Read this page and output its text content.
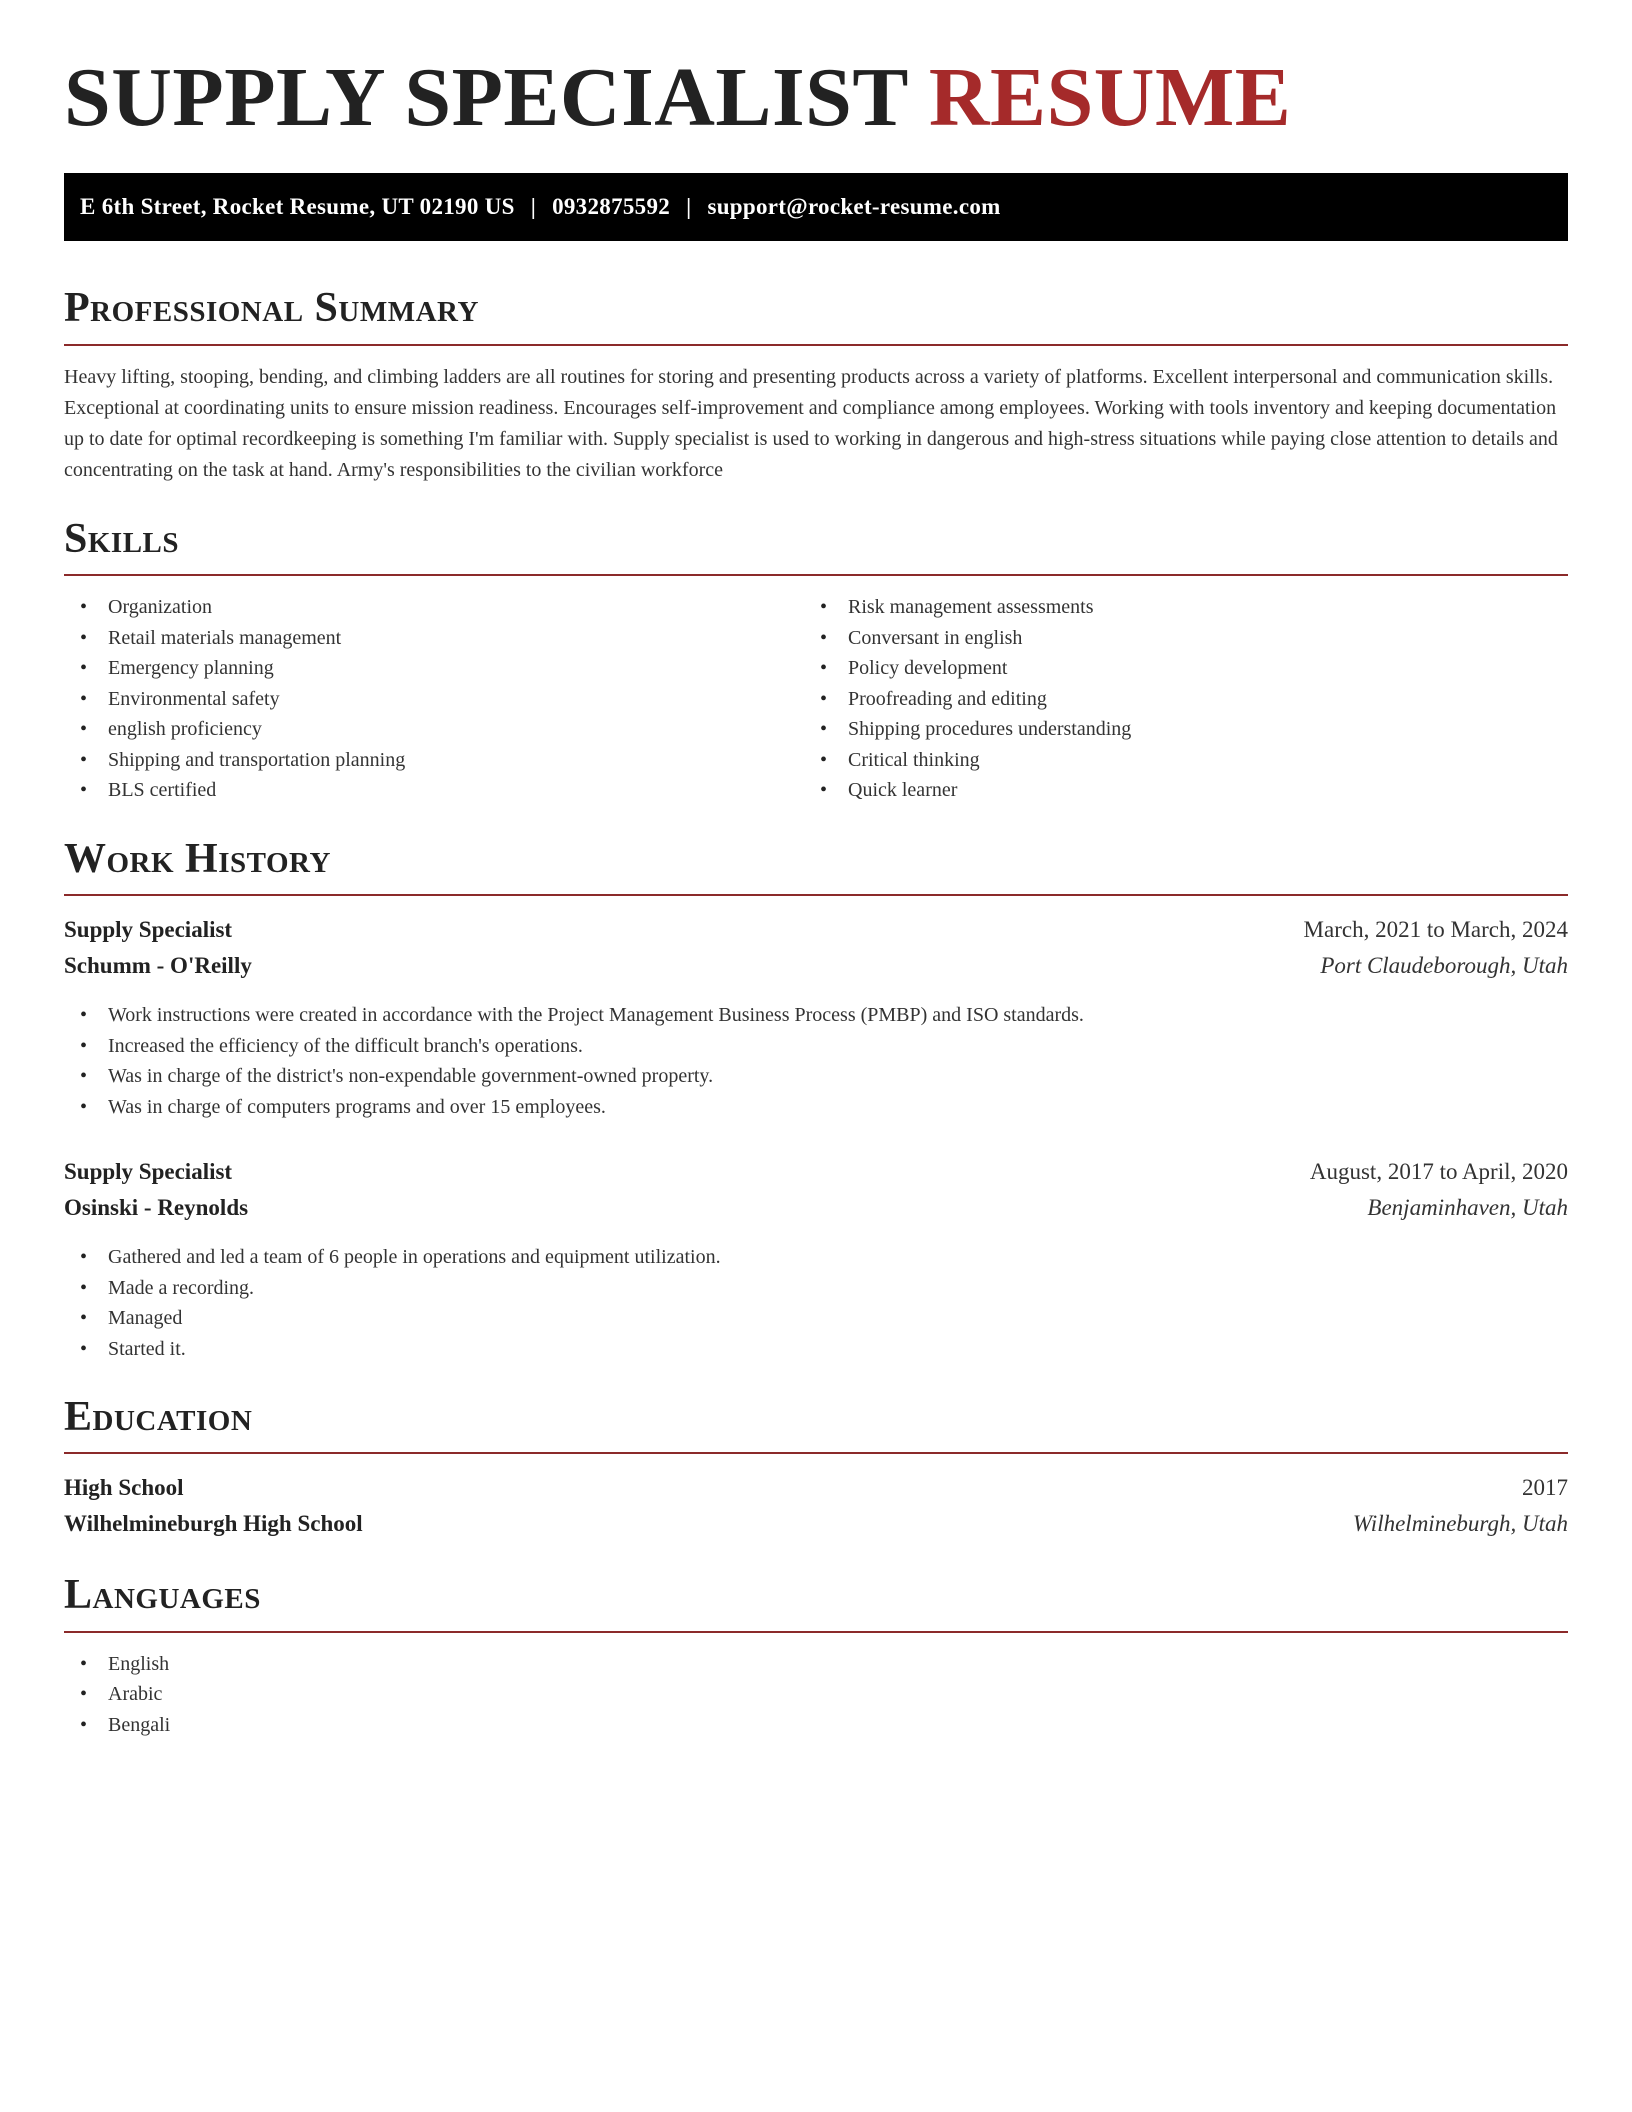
SUPPLY SPECIALIST RESUME
E 6th Street, Rocket Resume, UT 02190 US | 0932875592 | support@rocket-resume.com
Professional Summary

Heavy lifting, stooping, bending, and climbing ladders are all routines for storing and presenting products across a variety of platforms. Excellent interpersonal and communication skills. Exceptional at coordinating units to ensure mission readiness. Encourages self-improvement and compliance among employees. Working with tools inventory and keeping documentation up to date for optimal recordkeeping is something I'm familiar with. Supply specialist is used to working in dangerous and high-stress situations while paying close attention to details and concentrating on the task at hand. Army's responsibilities to the civilian workforce

Skills
• Organization
• Retail materials management
• Emergency planning
• Environmental safety
• english proficiency
• Shipping and transportation planning
• BLS certified
• Risk management assessments
• Conversant in english
• Policy development
• Proofreading and editing
• Shipping procedures understanding
• Critical thinking
• Quick learner
Work History
Supply Specialist	March, 2021 to March, 2024
Schumm - O'Reilly	Port Claudeborough, Utah
• Work instructions were created in accordance with the Project Management Business Process (PMBP) and ISO standards.
• Increased the efficiency of the difficult branch's operations.
• Was in charge of the district's non-expendable government-owned property.
• Was in charge of computers programs and over 15 employees.
Supply Specialist	August, 2017 to April, 2020
Osinski - Reynolds	Benjaminhaven, Utah
• Gathered and led a team of 6 people in operations and equipment utilization.
• Made a recording.
• Managed
• Started it.
Education
High School	2017
Wilhelmineburgh High School	Wilhelmineburgh, Utah
Languages
• English
• Arabic
• Bengali
